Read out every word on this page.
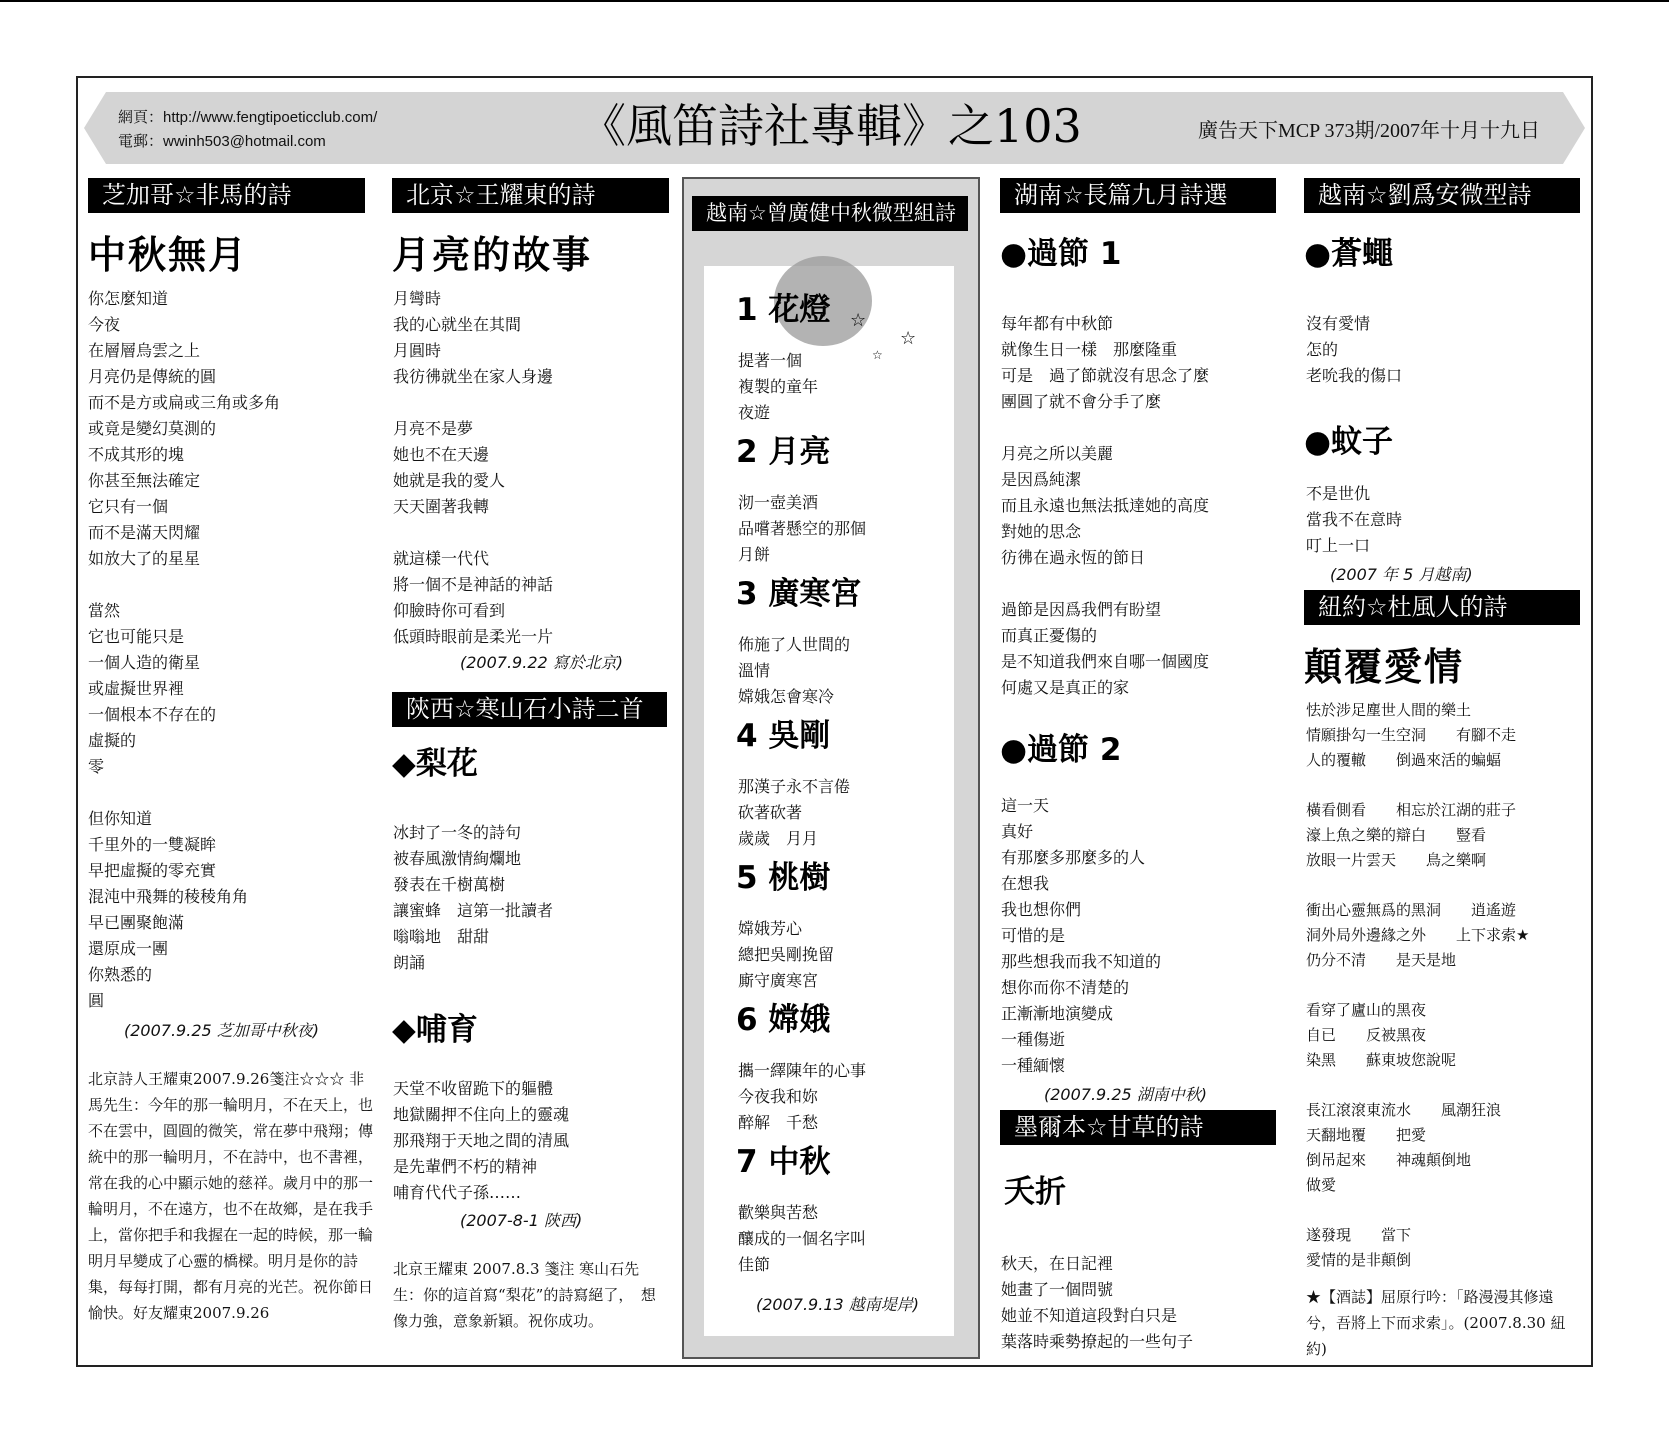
網頁：http://www.fengtipoeticclub.com/
電郵：wwinh503@hotmail.com	《風笛詩社專輯》之103	廣告天下MCP 373期/2007年十月十九日
芝加哥☆非馬的詩
中秋無月
你怎麼知道
今夜
在層層烏雲之上
月亮仍是傳統的圓
而不是方或扁或三角或多角
或竟是變幻莫測的
不成其形的塊
你甚至無法確定
它只有一個
而不是滿天閃耀
如放大了的星星
當然
它也可能只是
一個人造的衛星
或虛擬世界裡
一個根本不存在的
虛擬的
零
但你知道
千里外的一雙凝眸
早把虛擬的零充實
混沌中飛舞的稜稜角角
早已團聚飽滿
還原成一團
你熟悉的
圓
(2007.9.25 芝加哥中秋夜)
北京詩人王耀東2007.9.26箋注☆☆☆ 非馬先生：今年的那一輪明月，不在天上，也不在雲中，圓圓的微笑，常在夢中飛翔；傳統中的那一輪明月，不在詩中，也不書裡，常在我的心中顯示她的慈祥。歲月中的那一輪明月，不在遠方，也不在故鄉，是在我手上，當你把手和我握在一起的時候，那一輪明月早變成了心靈的橋樑。明月是你的詩集，每每打開，都有月亮的光芒。祝你節日愉快。好友耀東2007.9.26
北京☆王耀東的詩
月亮的故事
月彎時
我的心就坐在其間
月圓時
我彷彿就坐在家人身邊
月亮不是夢
她也不在天邊
她就是我的愛人
天天圍著我轉
就這樣一代代
將一個不是神話的神話
仰臉時你可看到
低頭時眼前是柔光一片
(2007.9.22 寫於北京)
陝西☆寒山石小詩二首
◆梨花
冰封了一冬的詩句
被春風激情絢爛地
發表在千樹萬樹
讓蜜蜂　這第一批讀者
嗡嗡地　甜甜
朗誦
◆哺育
天堂不收留跪下的軀體
地獄關押不住向上的靈魂
那飛翔于天地之間的清風
是先輩們不朽的精神
哺育代代子孫……
(2007-8-1 陝西)
北京王耀東 2007.8.3 箋注 寒山石先生：你的這首寫“梨花”的詩寫絕了，　想像力強，意象新穎。祝你成功。
越南☆曾廣健中秋微型組詩
☆
☆
☆
1 花燈
提著一個
複製的童年
夜遊
2 月亮
沏一壺美酒
品嚐著懸空的那個
月餅
3 廣寒宮
佈施了人世間的
溫情
嫦娥怎會寒冷
4 吳剛
那漢子永不言倦
砍著砍著
歲歲　月月
5 桃樹
嫦娥芳心
總把吳剛挽留
廝守廣寒宮
6 嫦娥
攜一繹陳年的心事
今夜我和妳
醉解　千愁
7 中秋
歡樂與苦愁
釀成的一個名字叫
佳節
(2007.9.13 越南堤岸)
湖南☆長篇九月詩選
●過節 1
每年都有中秋節
就像生日一樣　那麼隆重
可是　過了節就沒有思念了麼
團圓了就不會分手了麼
月亮之所以美麗
是因爲純潔
而且永遠也無法抵達她的高度
對她的思念
彷彿在過永恆的節日
過節是因爲我們有盼望
而真正憂傷的
是不知道我們來自哪一個國度
何處又是真正的家
●過節 2
這一天
真好
有那麼多那麼多的人
在想我
我也想你們
可惜的是
那些想我而我不知道的
想你而你不清楚的
正漸漸地演變成
一種傷逝
一種緬懷
(2007.9.25 湖南中秋)
墨爾本☆甘草的詩
夭折
秋天，在日記裡
她畫了一個問號
她並不知道這段對白只是
葉落時乘勢撩起的一些句子
越南☆劉爲安微型詩
●蒼蠅
沒有愛情
怎的
老吮我的傷口
●蚊子
不是世仇
當我不在意時
叮上一口
(2007 年 5 月越南)
紐約☆杜風人的詩
顛覆愛情
怯於涉足塵世人間的樂土
情願掛勾一生空洞　　有腳不走
人的覆轍　　倒過來活的蝙蝠
橫看側看　　相忘於江湖的莊子
濠上魚之樂的辯白　　豎看
放眼一片雲天　　鳥之樂啊
衝出心靈無爲的黑洞　　逍遙遊
洞外局外邊緣之外　　上下求索★
仍分不清　　是天是地
看穿了廬山的黑夜
自已　　反被黑夜
染黑　　蘇東坡您說呢
長江滾滾東流水　　風潮狂浪
天翻地覆　　把愛
倒吊起來　　神魂顛倒地
做愛
遂發現　　當下
愛情的是非顛倒
★【酒誌】屈原行吟：「路漫漫其修遠兮，吾將上下而求索」。(2007.8.30 紐約)
